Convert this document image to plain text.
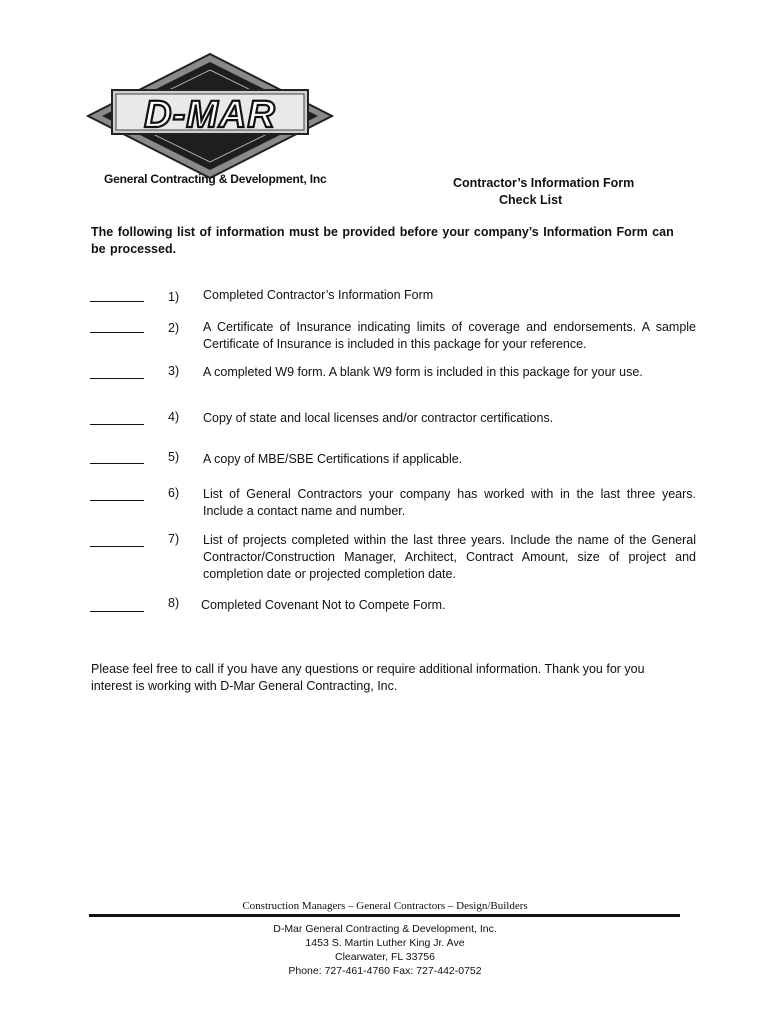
D-MAR
General Contracting & Development, Inc	Contractor’s Information Form
Check List
The following list of information must be provided before your company’s Information Form can be processed.
1) Completed Contractor’s Information Form
2) A Certificate of Insurance indicating limits of coverage and endorsements. A sample Certificate of Insurance is included in this package for your reference.
3) A completed W9 form. A blank W9 form is included in this package for your use.
4) Copy of state and local licenses and/or contractor certifications.
5) A copy of MBE/SBE Certifications if applicable.
6) List of General Contractors your company has worked with in the last three years. Include a contact name and number.
7) List of projects completed within the last three years. Include the name of the General Contractor/Construction Manager, Architect, Contract Amount, size of project and completion date or projected completion date.
8) Completed Covenant Not to Compete Form.
Please feel free to call if you have any questions or require additional information. Thank you for you interest is working with D-Mar General Contracting, Inc.
Construction Managers – General Contractors – Design/Builders
D-Mar General Contracting & Development, Inc.
1453 S. Martin Luther King Jr. Ave
Clearwater, FL 33756
Phone: 727-461-4760 Fax: 727-442-0752
